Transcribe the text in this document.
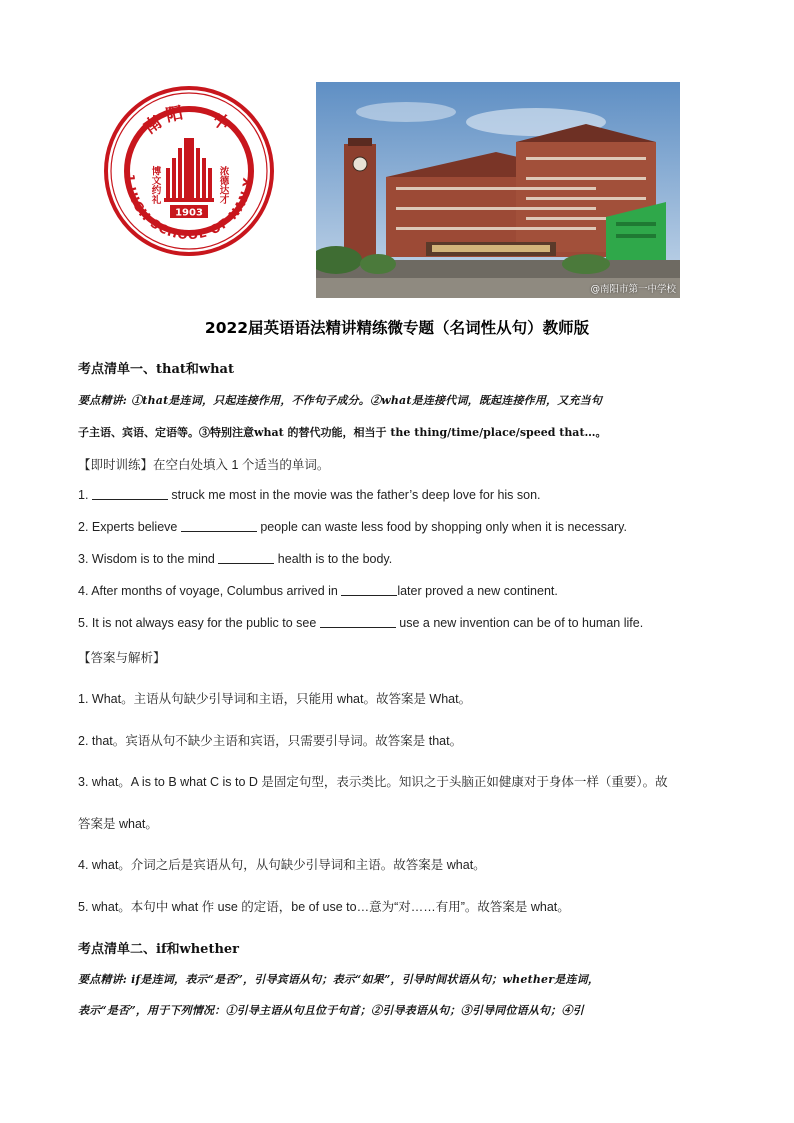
1 HIGH SCHOOL OF NAN Y
南阳一中
博文约礼	浓德达才
1903
@南阳市第一中学校
2022届英语语法精讲精练微专题（名词性从句）教师版
考点清单一、that和what
要点精讲: ①that是连词，只起连接作用，不作句子成分。②what是连接代词，既起连接作用，又充当句
子主语、宾语、定语等。③特别注意what 的替代功能，相当于 the thing/time/place/speed that…。
【即时训练】在空白处填入 1 个适当的单词。
1.	struck me most in the movie was the father’s deep love for his son.
2. Experts believe	people can waste less food by shopping only when it is necessary.
3. Wisdom is to the mind	health is to the body.
4. After months of voyage, Columbus arrived in	later proved a new continent.
5. It is not always easy for the public to see	use a new invention can be of to human life.
【答案与解析】
1. What。主语从句缺少引导词和主语，只能用 what。故答案是 What。
2. that。宾语从句不缺少主语和宾语，只需要引导词。故答案是 that。
3. what。A is to B what C is to D 是固定句型，表示类比。知识之于头脑正如健康对于身体一样（重要）。故
答案是 what。
4. what。介词之后是宾语从句，从句缺少引导词和主语。故答案是 what。
5. what。本句中 what 作 use 的定语，be of use to…意为“对……有用”。故答案是 what。
考点清单二、if和whether
要点精讲: if是连词，表示“是否”，引导宾语从句；表示“如果”，引导时间状语从句；whether是连词，
表示“是否”，用于下列情况：①引导主语从句且位于句首；②引导表语从句；③引导同位语从句；④引
